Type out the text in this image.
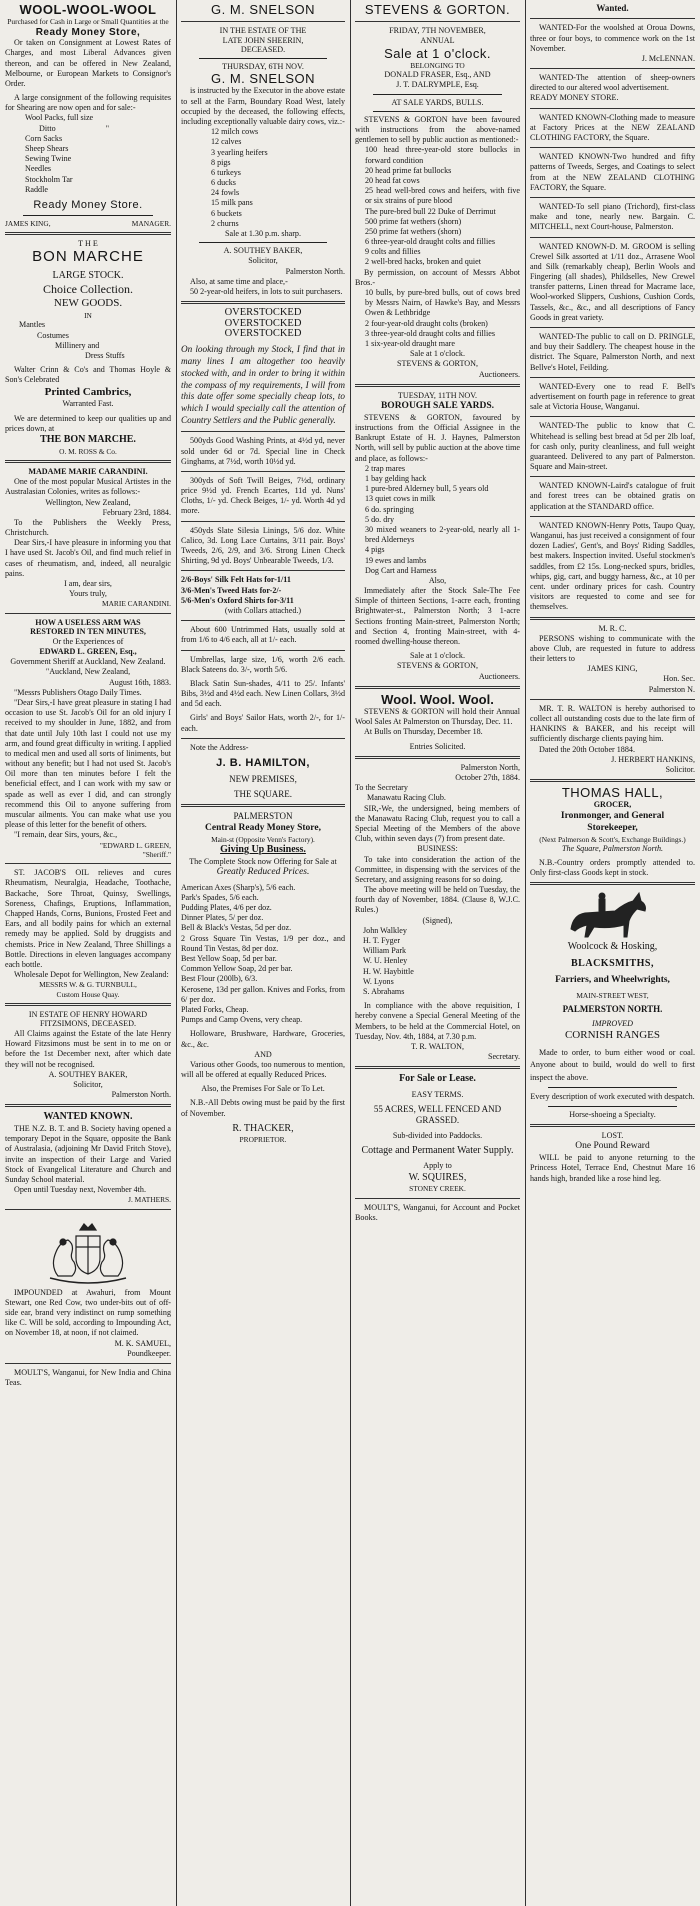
WOOL-WOOL-WOOL
Purchased for Cash in Large or Small Quantities at the
Ready Money Store,
Or taken on Consignment at Lowest Rates of Charges, and most Liberal Advances given thereon, and can be offered in New Zealand, Melbourne, or European Markets to Consignor's Order.
A large consignment of the following requisites for Shearing are now open and for sale:-
Wool Packs, full size
Ditto	"
Corn Sacks
Sheep Shears
Sewing Twine
Needles
Stockholm Tar
Raddle
Ready Money Store.
JAMES KING,	MANAGER.
T H E
BON MARCHE
LARGE STOCK.
Choice Collection.
NEW GOODS.
IN
Mantles
Costumes
Millinery and
Dress Stuffs
Walter Crinn & Co's and Thomas Hoyle & Son's Celebrated
Printed Cambrics,
Warranted Fast.
We are determined to keep our qualities up and prices down, at
THE BON MARCHE.
O. M. ROSS & Co.
MADAME MARIE CARANDINI.
One of the most popular Musical Artistes in the Australasian Colonies, writes as follows:-
Wellington, New Zealand,
February 23rd, 1884.
To the Publishers the Weekly Press, Christchurch.
Dear Sirs,-I have pleasure in informing you that I have used St. Jacob's Oil, and find much relief in cases of rheumatism, and, indeed, all neuralgic pains.
I am, dear sirs,
Yours truly,
MARIE CARANDINI.
HOW A USELESS ARM WAS
RESTORED IN TEN MINUTES,
Or the Experiences of
EDWARD L. GREEN, Esq.,
Government Sheriff at Auckland, New Zealand.
"Auckland, New Zealand,
August 16th, 1883.
"Messrs Publishers Otago Daily Times.
"Dear Sirs,-I have great pleasure in stating I had occasion to use St. Jacob's Oil for an old injury I received to my shoulder in June, 1882, and from that date until July 10th last I could not use my arm, and found great difficulty in writing. I applied to medical men and used all sorts of liniments, but without any benefit; but I had not used St. Jacob's Oil more than ten minutes before I felt the beneficial effect, and I can work with my saw or spade as well as ever I did, and can strongly recommend this Oil to anyone suffering from muscular ailments. You can make what use you please of this letter for the benefit of others.
"I remain, dear Sirs, yours, &c.,
"EDWARD L. GREEN,
"Sheriff."
ST. JACOB'S OIL relieves and cures Rheumatism, Neuralgia, Headache, Toothache, Backache, Sore Throat, Quinsy, Swellings, Soreness, Chafings, Eruptions, Inflammation, Chapped Hands, Corns, Bunions, Frosted Feet and Ears, and all bodily pains for which an external remedy may be applied. Sold by druggists and chemists. Price in New Zealand, Three Shillings a Bottle. Directions in eleven languages accompany each bottle.
Wholesale Depot for Wellington, New Zealand:
MESSRS W. & G. TURNBULL,
Custom House Quay.
IN ESTATE OF HENRY HOWARD
FITZSIMONS, DECEASED.
All Claims against the Estate of the late Henry Howard Fitzsimons must be sent in to me on or before the 1st December next, after which date they will not be recognised.
A. SOUTHEY BAKER,
Solicitor,
Palmerston North.
WANTED KNOWN.
THE N.Z. B. T. and B. Society having opened a temporary Depot in the Square, opposite the Bank of Australasia, (adjoining Mr David Fritch Stove), invite an inspection of their Large and Varied Stock of Evangelical Literature and Church and Sunday School material.
Open until Tuesday next, November 4th.
J. MATHERS.
IMPOUNDED at Awahuri, from Mount Stewart, one Red Cow, two under-bits out of off-side ear, brand very indistinct on rump something like C. Will be sold, according to Impounding Act, on November 18, at noon, if not claimed.
M. K. SAMUEL,
Poundkeeper.
MOULT'S, Wanganui, for New India and China Teas.
G. M. SNELSON
IN THE ESTATE OF THE
LATE JOHN SHEERIN,
DECEASED.
THURSDAY, 6TH NOV.
G. M. SNELSON
is instructed by the Executor in the above estate to sell at the Farm, Boundary Road West, lately occupied by the deceased, the following effects, including exceptionally valuable dairy cows, viz.:-
12 milch cows
12 calves
3 yearling heifers
8 pigs
6 turkeys
6 ducks
24 fowls
15 milk pans
6 buckets
2 churns
Sale at 1.30 p.m. sharp.
A. SOUTHEY BAKER,
Solicitor,
Palmerston North.
Also, at same time and place,-
50 2-year-old heifers, in lots to suit purchasers.
OVERSTOCKED
OVERSTOCKED
OVERSTOCKED
On looking through my Stock, I find that in many lines I am altogether too heavily stocked with, and in order to bring it within the compass of my requirements, I will from this date offer some specially cheap lots, to which I would specially call the attention of Country Settlers and the Public generally.
500yds Good Washing Prints, at 4½d yd, never sold under 6d or 7d. Special line in Check Ginghams, at 7½d, worth 10½d yd.
300yds of Soft Twill Beiges, 7½d, ordinary price 9½d yd. French Ecartes, 11d yd. Nuns' Cloths, 1/- yd. Check Beiges, 1/- yd. Worth 4d yd more.
450yds Slate Silesia Linings, 5/6 doz. White Calico, 3d. Long Lace Curtains, 3/11 pair. Boys' Tweeds, 2/6, 2/9, and 3/6. Strong Linen Check Shirting, 9d yd. Boys' Unbearable Tweeds, 1/3.
2/6-Boys' Silk Felt Hats for-1/11
3/6-Men's Tweed Hats for-2/-
5/6-Men's Oxford Shirts for-3/11
(with Collars attached.)
About 600 Untrimmed Hats, usually sold at from 1/6 to 4/6 each, all at 1/- each.
Umbrellas, large size, 1/6, worth 2/6 each. Black Sateens do. 3/-, worth 5/6.
Black Satin Sun-shades, 4/11 to 25/. Infants' Bibs, 3½d and 4½d each. New Linen Collars, 3½d and 5d each.
Girls' and Boys' Sailor Hats, worth 2/-, for 1/- each.
Note the Address-
J. B. HAMILTON,
NEW PREMISES,
THE SQUARE.
PALMERSTON
Central Ready Money Store,
Main-st (Opposite Venn's Factory).
Giving Up Business.
The Complete Stock now Offering for Sale at
Greatly Reduced Prices.
American Axes (Sharp's), 5/6 each.
Park's Spades, 5/6 each.
Pudding Plates, 4/6 per doz.
Dinner Plates, 5/ per doz.
Bell & Black's Vestas, 5d per doz.
2 Gross Square Tin Vestas, 1/9 per doz., and Round Tin Vestas, 8d per doz.
Best Yellow Soap, 5d per bar.
Common Yellow Soap, 2d per bar.
Best Flour (200lb), 6/3.
Kerosene, 13d per gallon. Knives and Forks, from 6/ per doz.
Plated Forks, Cheap.
Pumps and Camp Ovens, very cheap.
Holloware, Brushware, Hardware, Groceries, &c., &c.
AND
Various other Goods, too numerous to mention, will all be offered at equally Reduced Prices.
Also, the Premises For Sale or To Let.
N.B.-All Debts owing must be paid by the first of November.
R. THACKER,
PROPRIETOR.
STEVENS & GORTON.
FRIDAY, 7TH NOVEMBER,
ANNUAL
Sale at 1 o'clock.
BELONGING TO
DONALD FRASER, Esq., AND
J. T. DALRYMPLE, Esq.
AT SALE YARDS, BULLS.
STEVENS & GORTON have been favoured with instructions from the above-named gentlemen to sell by public auction as mentioned:-
100 head three-year-old store bullocks in forward condition
20 head prime fat bullocks
20 head fat cows
25 head well-bred cows and heifers, with five or six strains of pure blood
The pure-bred bull 22 Duke of Derrimut
500 prime fat wethers (shorn)
250 prime fat wethers (shorn)
6 three-year-old draught colts and fillies
9 colts and fillies
2 well-bred hacks, broken and quiet
By permission, on account of Messrs Abbot Bros.-
10 bulls, by pure-bred bulls, out of cows bred by Messrs Nairn, of Hawke's Bay, and Messrs Owen & Lethbridge
2 four-year-old draught colts (broken)
3 three-year-old draught colts and fillies
1 six-year-old draught mare
Sale at 1 o'clock.
STEVENS & GORTON,
Auctioneers.
TUESDAY, 11TH NOV.
BOROUGH SALE YARDS.
STEVENS & GORTON, favoured by instructions from the Official Assignee in the Bankrupt Estate of H. J. Haynes, Palmerston North, will sell by public auction at the above time and place, as follows:-
2 trap mares
1 bay gelding hack
1 pure-bred Alderney bull, 5 years old
13 quiet cows in milk
6 do. springing
5 do. dry
30 mixed weaners to 2-year-old, nearly all 1-bred Alderneys
4 pigs
19 ewes and lambs
Dog Cart and Harness
Also,
Immediately after the Stock Sale-The Fee Simple of thirteen Sections, 1-acre each, fronting Brightwater-st., Palmerston North; 3 1-acre Sections fronting Main-street, Palmerston North; and Section 4, fronting Main-street, with 4-roomed dwelling-house thereon.
Sale at 1 o'clock.
STEVENS & GORTON,
Auctioneers.
Wool. Wool. Wool.
STEVENS & GORTON will hold their Annual Wool Sales At Palmerston on Thursday, Dec. 11.
At Bulls on Thursday, December 18.
Entries Solicited.
Palmerston North,
October 27th, 1884.
To the Secretary
Manawatu Racing Club.
SIR,-We, the undersigned, being members of the Manawatu Racing Club, request you to call a Special Meeting of the Members of the above Club, within seven days (7) from present date.
BUSINESS:
To take into consideration the action of the Committee, in dispensing with the services of the Secretary, and assigning reasons for so doing.
The above meeting will be held on Tuesday, the fourth day of November, 1884. (Clause 8, W.J.C. Rules.)
(Signed),
John Walkley
H. T. Fyger
William Park
W. U. Henley
H. W. Haybittle
W. Lyons
S. Abrahams
In compliance with the above requisition, I hereby convene a Special General Meeting of the Members, to be held at the Commercial Hotel, on Tuesday, Nov. 4th, 1884, at 7.30 p.m.
T. R. WALTON,
Secretary.
For Sale or Lease.
EASY TERMS.
55 ACRES, WELL FENCED AND GRASSED.
Sub-divided into Paddocks.
Cottage and Permanent Water Supply.
Apply to
W. SQUIRES,
STONEY CREEK.
MOULT'S, Wanganui, for Account and Pocket Books.
Wanted.
WANTED-For the woolshed at Oroua Downs, three or four boys, to commence work on the 1st November.
J. McLENNAN.
WANTED-The attention of sheep-owners directed to our altered wool advertisement.
READY MONEY STORE.
WANTED KNOWN-Clothing made to measure at Factory Prices at the NEW ZEALAND CLOTHING FACTORY, the Square.
WANTED KNOWN-Two hundred and fifty patterns of Tweeds, Serges, and Coatings to select from at the NEW ZEALAND CLOTHING FACTORY, the Square.
WANTED-To sell piano (Trichord), first-class make and tone, nearly new. Bargain. C. MITCHELL, next Court-house, Palmerston.
WANTED KNOWN-D. M. GROOM is selling Crewel Silk assorted at 1/11 doz., Arrasene Wool and Silk (remarkably cheap), Berlin Wools and Fingering (all shades), Phildselles, New Crewel transfer patterns, Linen thread for Macrame lace, Wool-worked Slippers, Cushions, Cushion Cords, Tassels, &c., &c., and all descriptions of Fancy Goods in great variety.
WANTED-The public to call on D. PRINGLE, and buy their Saddlery. The cheapest house in the district. The Square, Palmerston North, and next Bellve's Hotel, Feilding.
WANTED-Every one to read F. Bell's advertisement on fourth page in reference to great sale at Victoria House, Wanganui.
WANTED-The public to know that C. Whitehead is selling best bread at 5d per 2lb loaf, for cash only, purity cleanliness, and full weight guaranteed. Delivered to any part of Palmerston. Square and Main-street.
WANTED KNOWN-Laird's catalogue of fruit and forest trees can be obtained gratis on application at the STANDARD office.
WANTED KNOWN-Henry Potts, Taupo Quay, Wanganui, has just received a consignment of four dozen Ladies', Gent's, and Boys' Riding Saddles, best makers. Inspection invited. Useful stockmen's saddles, from £2 15s. Long-necked spurs, bridles, whips, gig, cart, and buggy harness, &c., at 10 per cent. under ordinary prices for cash. Country visitors are requested to come and see for themselves.
M. R. C.
PERSONS wishing to communicate with the above Club, are requested in future to address their letters to
JAMES KING,
Hon. Sec.
Palmerston N.
MR. T. R. WALTON is hereby authorised to collect all outstanding costs due to the late firm of HANKINS & BAKER, and his receipt will sufficiently discharge clients paying him.
Dated the 20th October 1884.
J. HERBERT HANKINS,
Solicitor.
THOMAS HALL,
GROCER,
Ironmonger, and General
Storekeeper,
(Next Palmerson & Scott's, Exchange Buildings.)
The Square, Palmerston North.
N.B.-Country orders promptly attended to. Only first-class Goods kept in stock.
Woolcock & Hosking,
BLACKSMITHS,
Farriers, and Wheelwrights,
MAIN-STREET WEST,
PALMERSTON NORTH.
IMPROVED
CORNISH RANGES
Made to order, to burn either wood or coal. Anyone about to build, would do well to first inspect the above.
Every description of work executed with despatch.
Horse-shoeing a Specialty.
LOST.
One Pound Reward
WILL be paid to anyone returning to the Princess Hotel, Terrace End, Chestnut Mare 16 hands high, branded like a rose hind leg.
